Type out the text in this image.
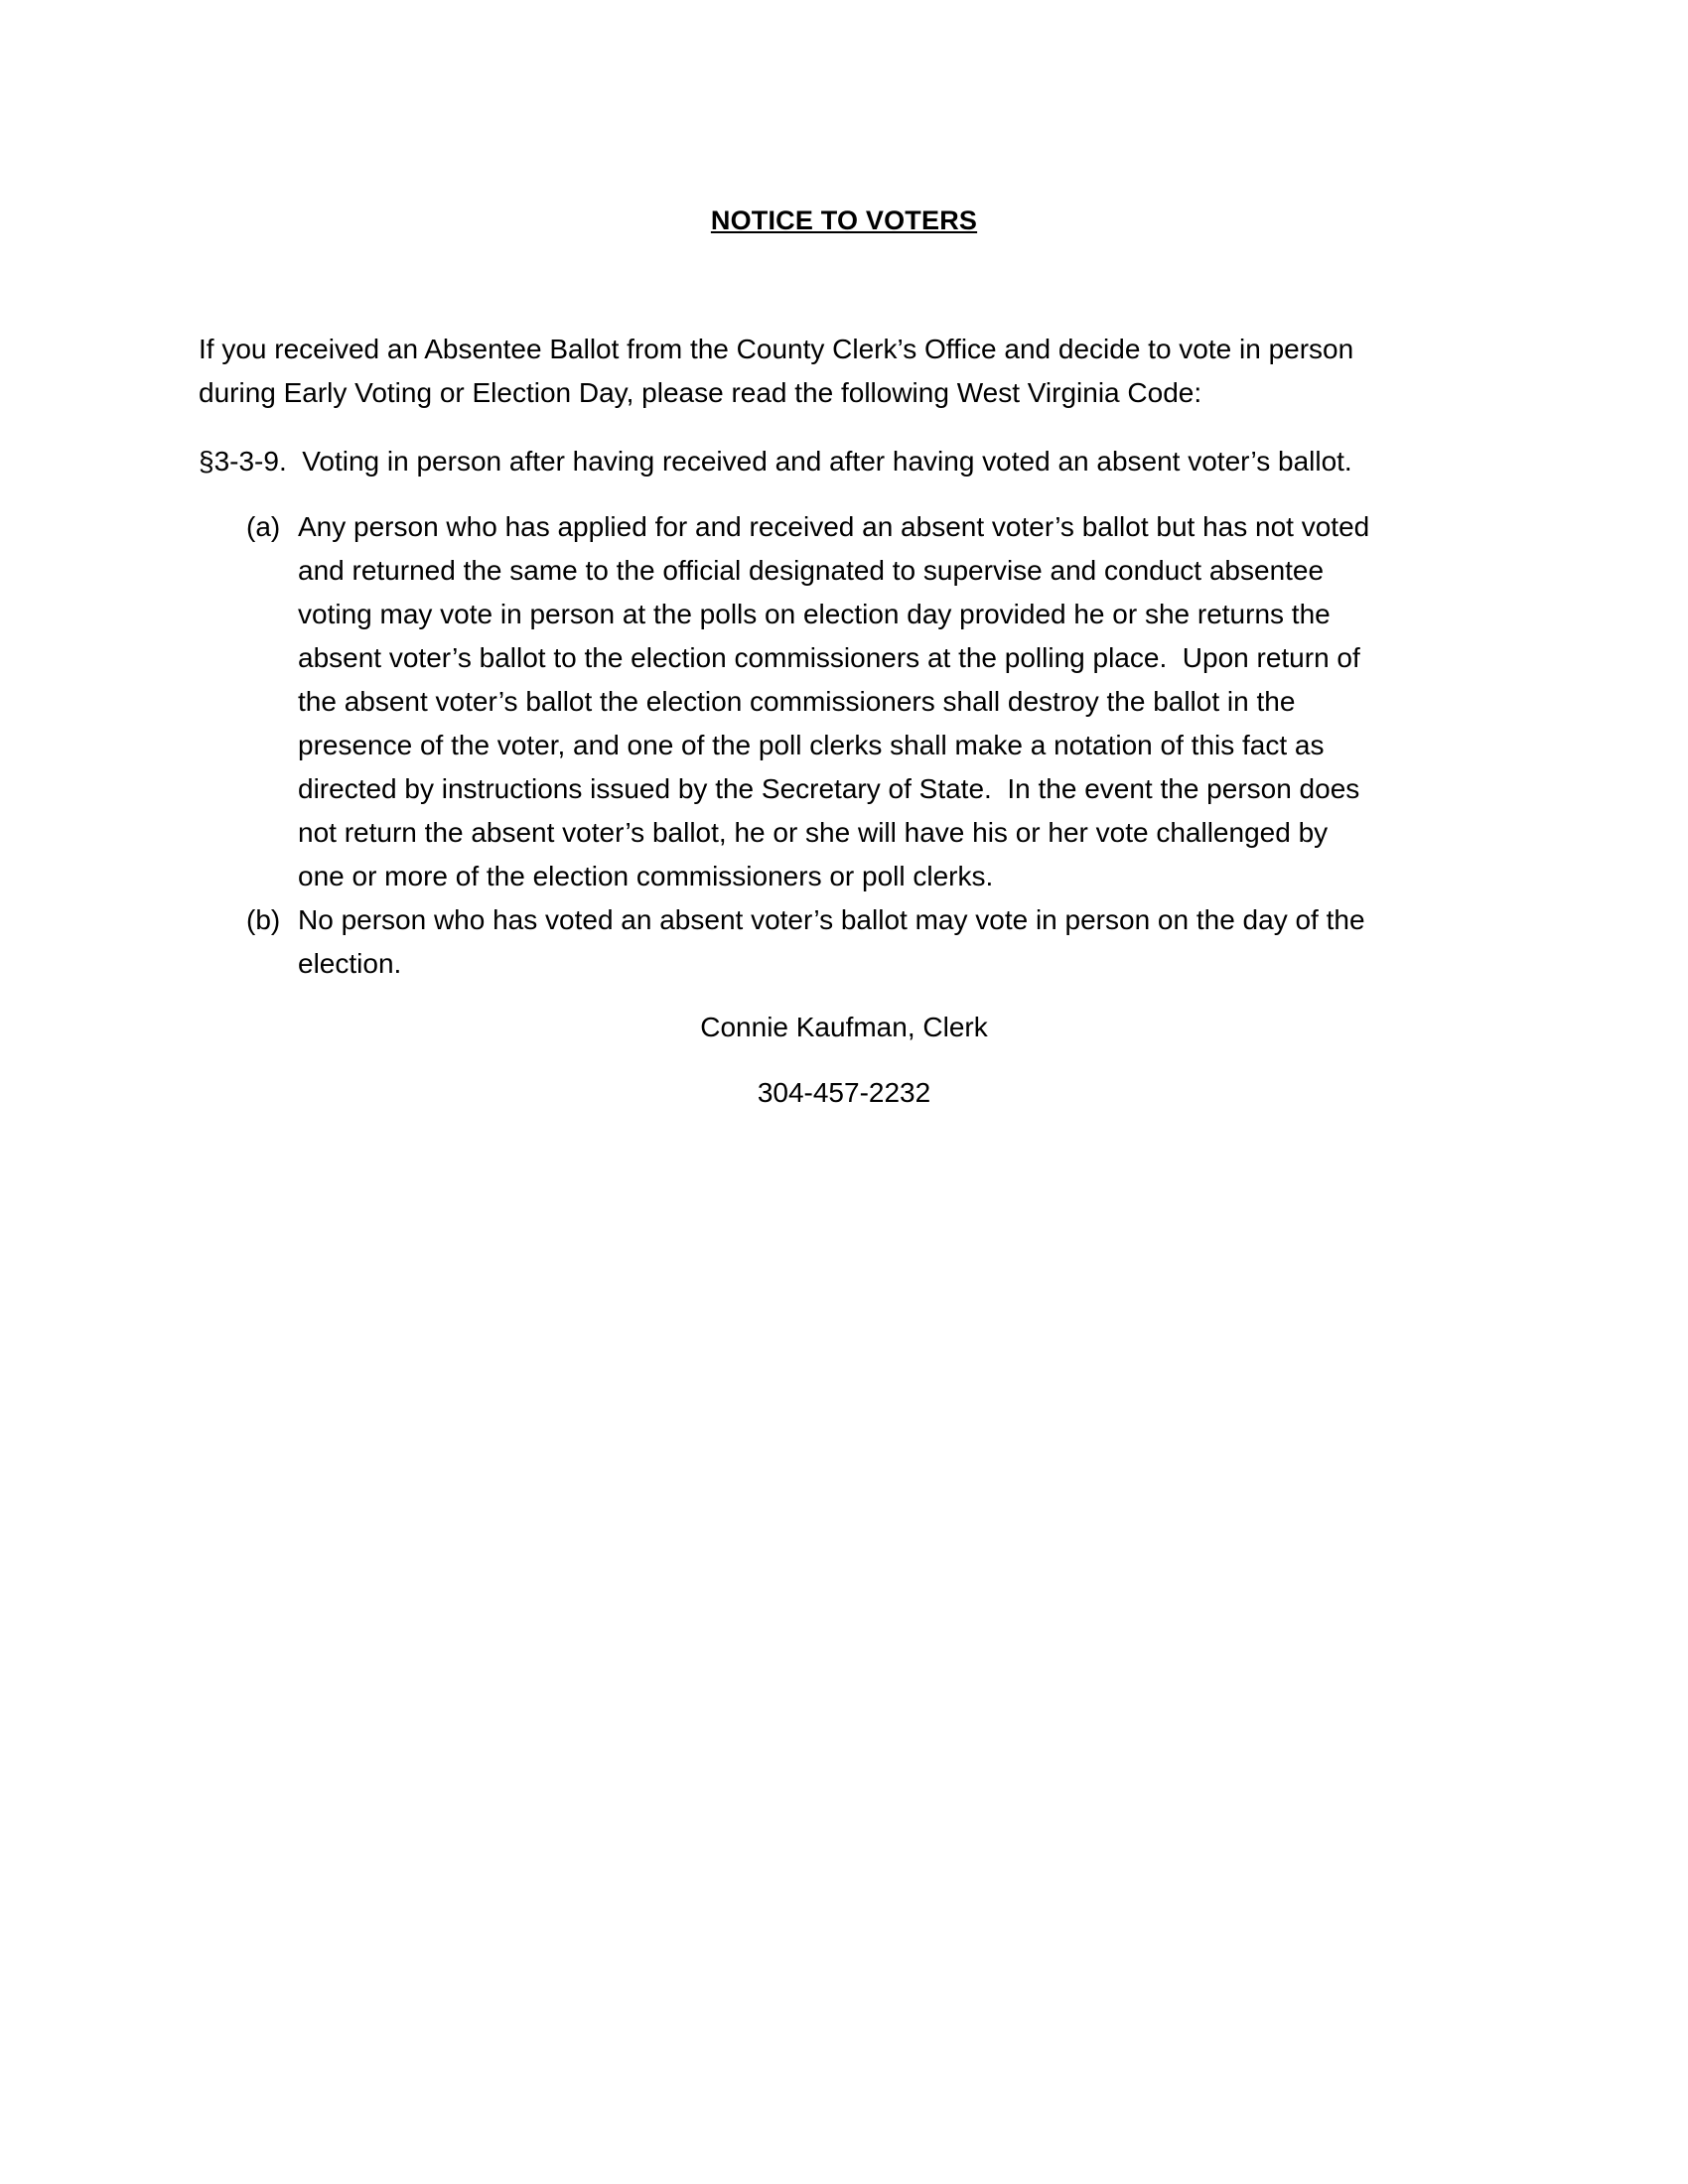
NOTICE TO VOTERS
If you received an Absentee Ballot from the County Clerk’s Office and decide to vote in person
during Early Voting or Election Day, please read the following West Virginia Code:
§3-3-9.  Voting in person after having received and after having voted an absent voter’s ballot.
(a) Any person who has applied for and received an absent voter’s ballot but has not voted
and returned the same to the official designated to supervise and conduct absentee
voting may vote in person at the polls on election day provided he or she returns the
absent voter’s ballot to the election commissioners at the polling place.  Upon return of
the absent voter’s ballot the election commissioners shall destroy the ballot in the
presence of the voter, and one of the poll clerks shall make a notation of this fact as
directed by instructions issued by the Secretary of State.  In the event the person does
not return the absent voter’s ballot, he or she will have his or her vote challenged by
one or more of the election commissioners or poll clerks.
(b) No person who has voted an absent voter’s ballot may vote in person on the day of the
election.
Connie Kaufman, Clerk
304-457-2232
